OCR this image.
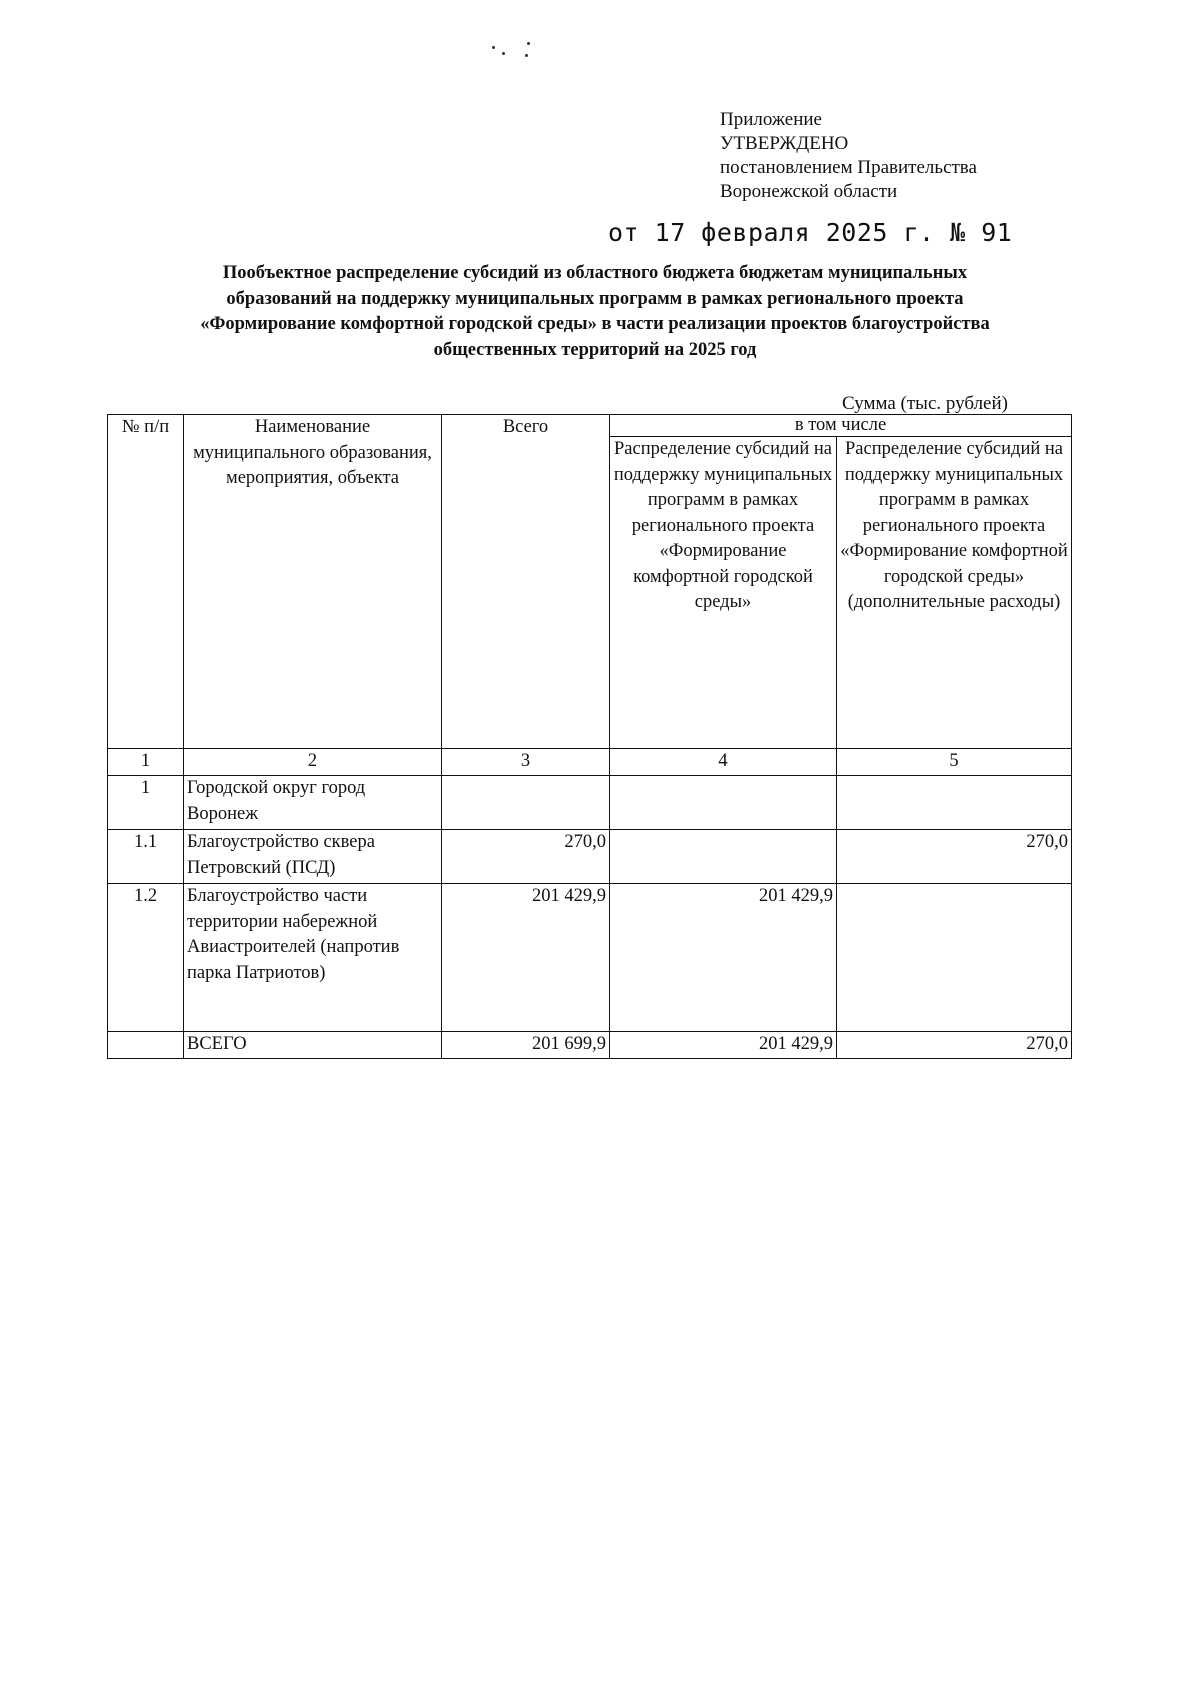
Приложение
УТВЕРЖДЕНО
постановлением Правительства
Воронежской области
от 17 февраля 2025 г. № 91
Пообъектное распределение субсидий из областного бюджета бюджетам муниципальных
образований на поддержку муниципальных программ в рамках регионального проекта
«Формирование комфортной городской среды» в части реализации проектов благоустройства
общественных территорий на 2025 год
Сумма (тыс. рублей)
№ п/п	Наименование муниципального образования, мероприятия, объекта	Всего	в том числе	
			Распределение субсидий на поддержку муниципальных программ в рамках регионального проекта «Формирование комфортной городской среды»	Распределение субсидий на поддержку муниципальных программ в рамках регионального проекта «Формирование комфортной городской среды» (дополнительные расходы)
1	2	3	4	5
1	Городской округ город Воронеж			
1.1	Благоустройство сквера Петровский (ПСД)	270,0		270,0
1.2	Благоустройство части территории набережной Авиастроителей (напротив парка Патриотов)	201 429,9	201 429,9	
	ВСЕГО	201 699,9	201 429,9	270,0
